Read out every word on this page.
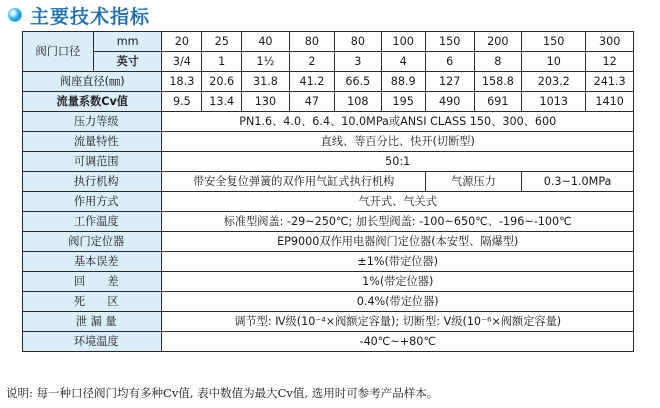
主要技术指标
阀门口径	mm	20	25	40	80	80	100	150	200	150	300
	英寸	3/4	1	1½	2	3	4	6	8	10	12
阀座直径(㎜)		18.3	20.6	31.8	41.2	66.5	88.9	127	158.8	203.2	241.3
流量系数Cv值		9.5	13.4	130	47	108	195	490	691	1013	1410
压力等级		PN1.6、4.0、6.4、10.0MPa或ANSI CLASS 150、300、600									
流量特性		直线、等百分比、快开(切断型)									
可调范围		50:1									
执行机构		带安全复位弹簧的双作用气缸式执行机构						气源压力		0.3~1.0MPa	
作用方式		气开式、气关式									
工作温度		标准型阀盖: -29~250℃; 加长型阀盖: -100~650℃、-196~-100℃									
阀门定位器		EP9000双作用电器阀门定位器(本安型、隔爆型)									
基本误差		±1%(带定位器)									
回　　差		1%(带定位器)									
死　　区		0.4%(带定位器)									
泄 漏 量		调节型: Ⅳ级(10⁻⁴×阀额定容量); 切断型: Ⅴ级(10⁻⁶×阀额定容量)									
环境温度		-40℃~+80℃									
说明: 每一种口径阀门均有多种Cv值, 表中数值为最大Cv值, 选用时可参考产品样本。
